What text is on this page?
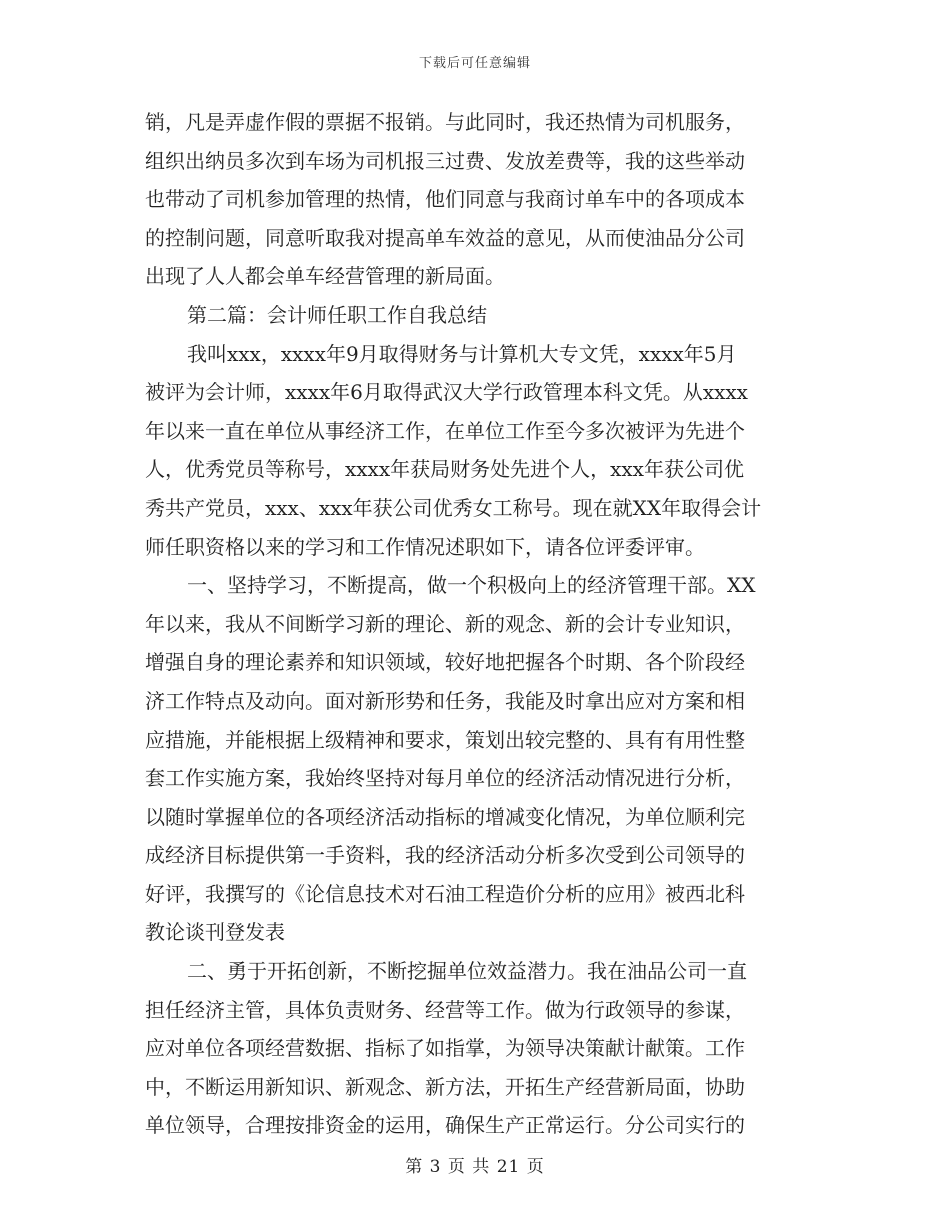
下载后可任意编辑
销，凡是弄虚作假的票据不报销。与此同时，我还热情为司机服务，
组织出纳员多次到车场为司机报三过费、发放差费等，我的这些举动
也带动了司机参加管理的热情，他们同意与我商讨单车中的各项成本
的控制问题，同意听取我对提高单车效益的意见，从而使油品分公司
出现了人人都会单车经营管理的新局面。
第二篇：会计师任职工作自我总结
我叫xxx，xxxx年9月取得财务与计算机大专文凭，xxxx年5月
被评为会计师，xxxx年6月取得武汉大学行政管理本科文凭。从xxxx
年以来一直在单位从事经济工作，在单位工作至今多次被评为先进个
人，优秀党员等称号，xxxx年获局财务处先进个人，xxx年获公司优
秀共产党员，xxx、xxx年获公司优秀女工称号。现在就XX年取得会计
师任职资格以来的学习和工作情况述职如下，请各位评委评审。
一、坚持学习，不断提高，做一个积极向上的经济管理干部。XX
年以来，我从不间断学习新的理论、新的观念、新的会计专业知识，
增强自身的理论素养和知识领域，较好地把握各个时期、各个阶段经
济工作特点及动向。面对新形势和任务，我能及时拿出应对方案和相
应措施，并能根据上级精神和要求，策划出较完整的、具有有用性整
套工作实施方案，我始终坚持对每月单位的经济活动情况进行分析，
以随时掌握单位的各项经济活动指标的增减变化情况，为单位顺利完
成经济目标提供第一手资料，我的经济活动分析多次受到公司领导的
好评，我撰写的《论信息技术对石油工程造价分析的应用》被西北科
教论谈刊登发表
二、勇于开拓创新，不断挖掘单位效益潜力。我在油品公司一直
担任经济主管，具体负责财务、经营等工作。做为行政领导的参谋，
应对单位各项经营数据、指标了如指掌，为领导决策献计献策。工作
中，不断运用新知识、新观念、新方法，开拓生产经营新局面，协助
单位领导，合理按排资金的运用，确保生产正常运行。分公司实行的
第 3 页 共 21 页
